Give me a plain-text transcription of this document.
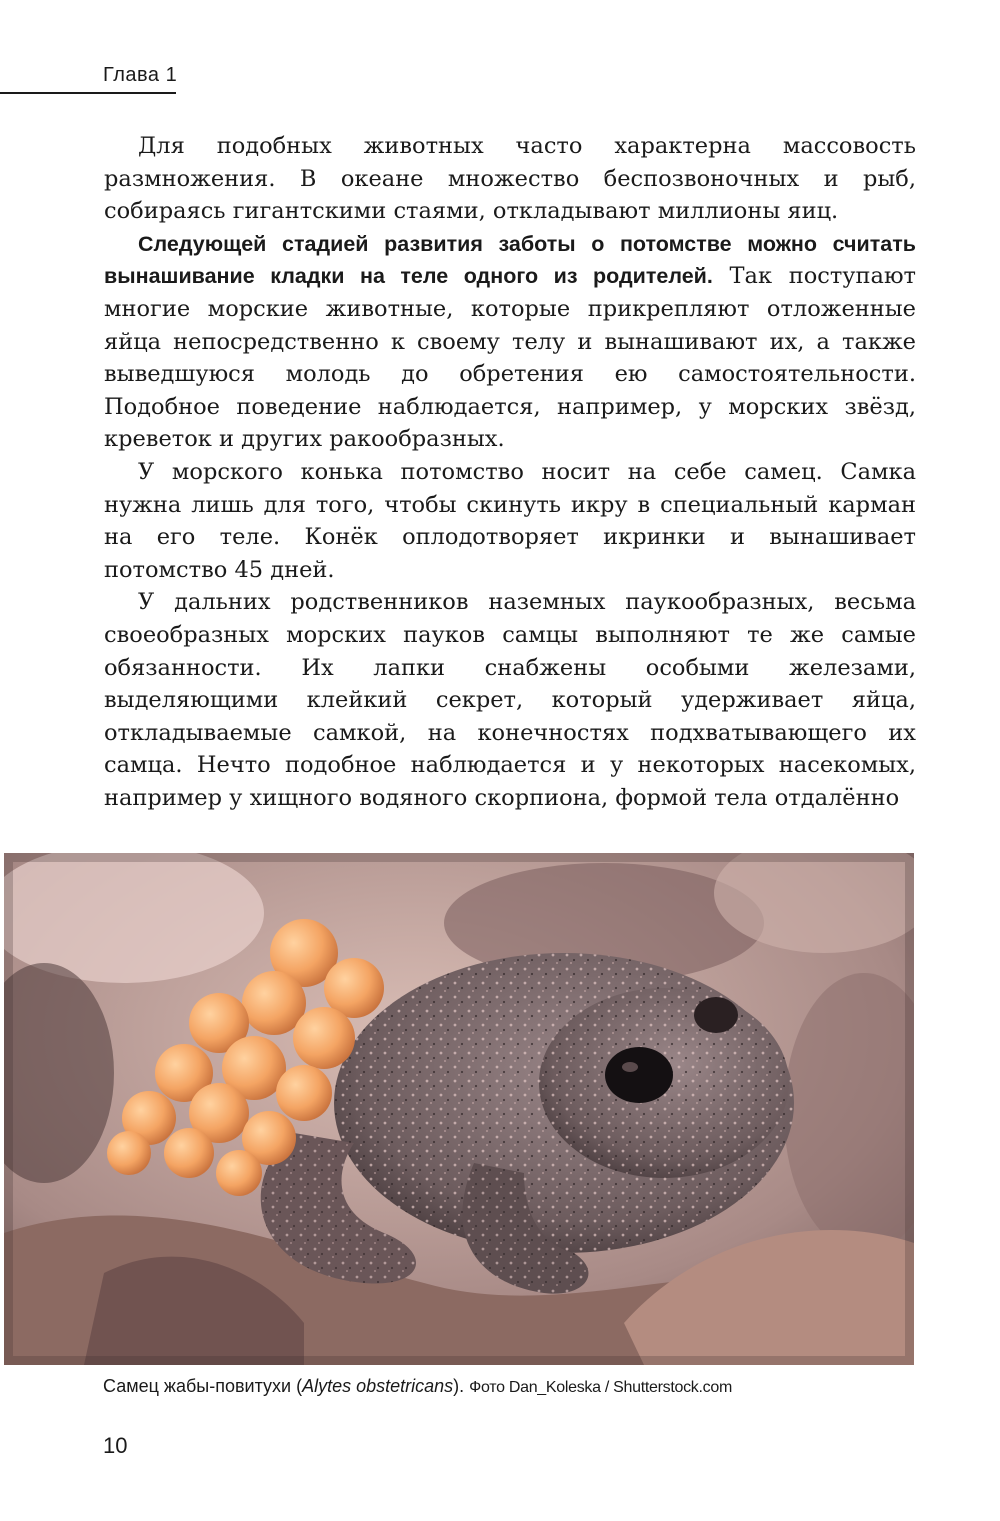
Глава 1

Для подобных животных часто характерна массовость размножения. В океане множество беспозвоночных и рыб, собираясь гигантскими стаями, откладывают миллионы яиц.

Следующей стадией развития заботы о потомстве можно считать вынашивание кладки на теле одного из родителей. Так поступают многие морские животные, которые прикрепляют отложенные яйца непосредственно к своему телу и вынашивают их, а также выведшуюся молодь до обретения ею самостоятельности. Подобное поведение наблюдается, например, у морских звёзд, креветок и других ракообразных.

У морского конька потомство носит на себе самец. Самка нужна лишь для того, чтобы скинуть икру в специальный карман на его теле. Конёк оплодотворяет икринки и вынашивает потомство 45 дней.

У дальних родственников наземных паукообразных, весьма своеобразных морских пауков самцы выполняют те же самые обязанности. Их лапки снабжены особыми железами, выделяющими клейкий секрет, который удерживает яйца, откладываемые самкой, на конечностях подхватывающего их самца. Нечто подобное наблюдается и у некоторых насекомых, например у хищного водяного скорпиона, формой тела отдалённо

Самец жабы-повитухи (Alytes obstetricans). Фото Dan_Koleska / Shutterstock.com
10
